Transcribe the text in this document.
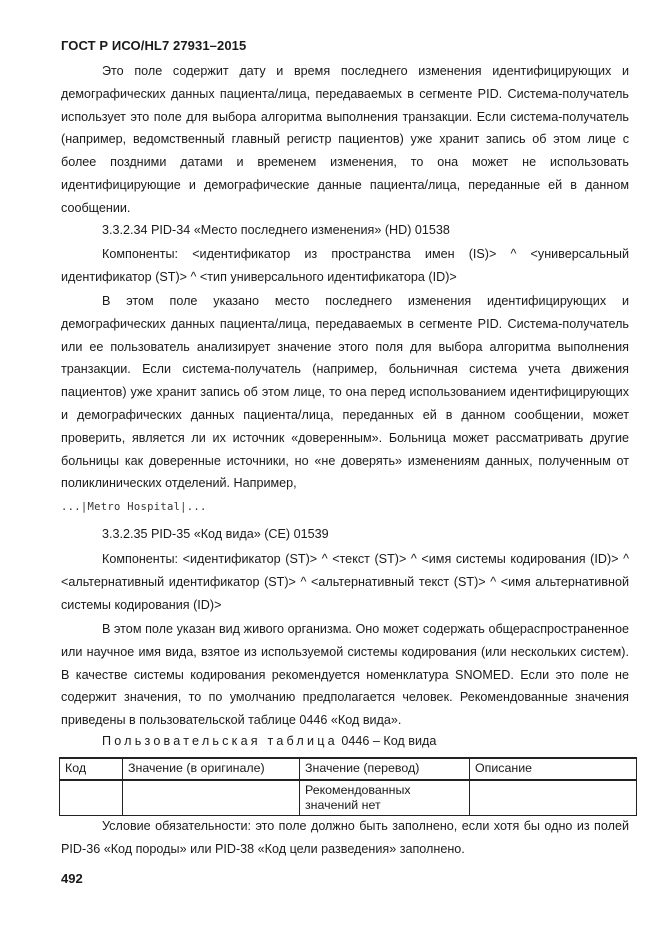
ГОСТ Р ИСО/HL7 27931–2015

Это поле содержит дату и время последнего изменения идентифицирующих и демографических данных пациента/лица, передаваемых в сегменте PID. Система-получатель использует это поле для выбора алгоритма выполнения транзакции. Если система-получатель (например, ведомственный главный регистр пациентов) уже хранит запись об этом лице с более поздними датами и временем изменения, то она может не использовать идентифицирующие и демографические данные пациента/лица, переданные ей в данном сообщении.

3.3.2.34 PID-34 «Место последнего изменения» (HD) 01538

Компоненты: <идентификатор из пространства имен (IS)> ^ <универсальный идентификатор (ST)> ^ <тип универсального идентификатора (ID)>

В этом поле указано место последнего изменения идентифицирующих и демографических данных пациента/лица, передаваемых в сегменте PID. Система-получатель или ее пользователь анализирует значение этого поля для выбора алгоритма выполнения транзакции. Если система-получатель (например, больничная система учета движения пациентов) уже хранит запись об этом лице, то она перед использованием идентифицирующих и демографических данных пациента/лица, переданных ей в данном сообщении, может проверить, является ли их источник «доверенным». Больница может рассматривать другие больницы как доверенные источники, но «не доверять» изменениям данных, полученным от поликлинических отделений. Например,

...|Metro Hospital|...

3.3.2.35 PID-35 «Код вида» (CE) 01539

Компоненты: <идентификатор (ST)> ^ <текст (ST)> ^ <имя системы кодирования (ID)> ^ <альтернативный идентификатор (ST)> ^ <альтернативный текст (ST)> ^ <имя альтернативной системы кодирования (ID)>

В этом поле указан вид живого организма. Оно может содержать общераспространенное или научное имя вида, взятое из используемой системы кодирования (или нескольких систем). В качестве системы кодирования рекомендуется номенклатура SNOMED. Если это поле не содержит значения, то по умолчанию предполагается человек. Рекомендованные значения приведены в пользовательской таблице 0446 «Код вида».

Пользовательская таблица 0446 – Код вида

Код	Значение (в оригинале)	Значение (перевод)	Описание
		Рекомендованных значений нет	

Условие обязательности: это поле должно быть заполнено, если хотя бы одно из полей PID-36 «Код породы» или PID-38 «Код цели разведения» заполнено.

492
